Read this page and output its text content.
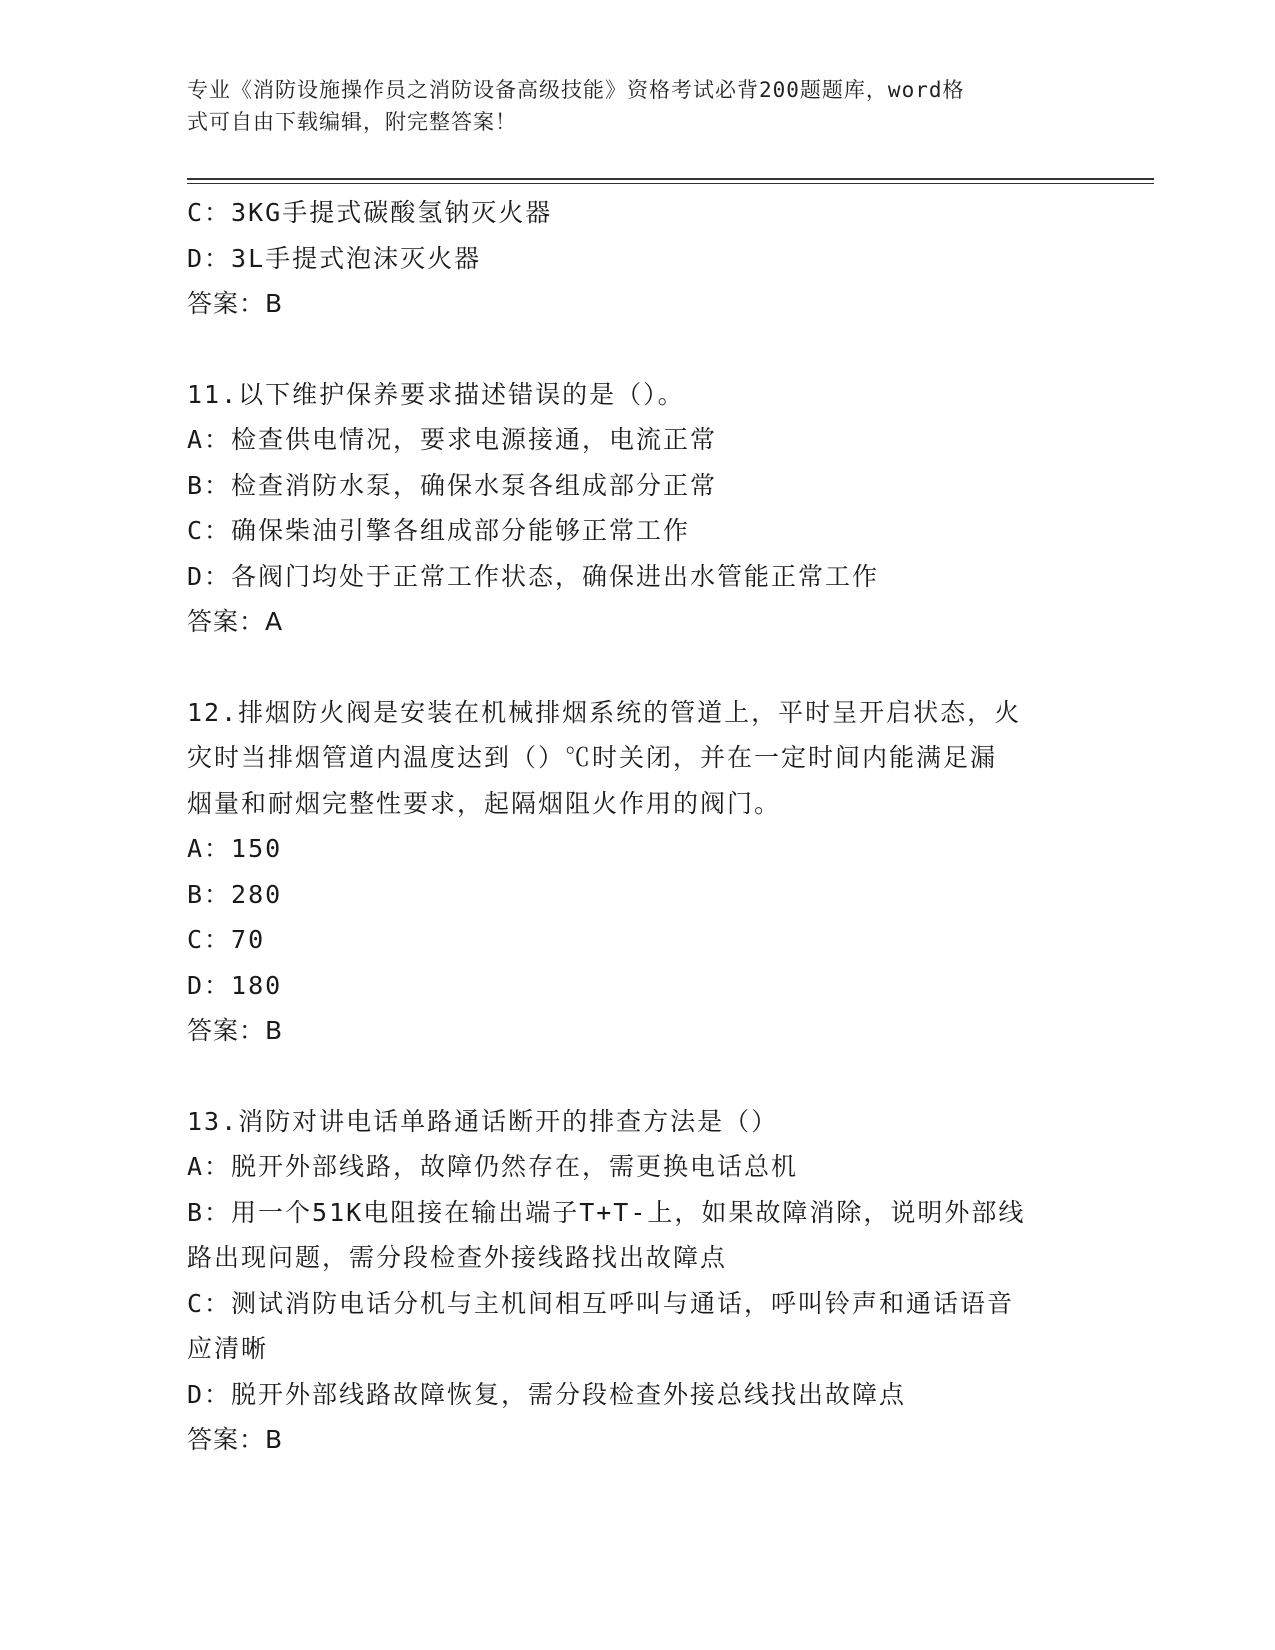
专业《消防设施操作员之消防设备高级技能》资格考试必背200题题库，word格
式可自由下载编辑，附完整答案！
C：3KG手提式碳酸氢钠灭火器
D：3L手提式泡沫灭火器
答案：B
11.以下维护保养要求描述错误的是（）。
A：检查供电情况，要求电源接通，电流正常
B：检查消防水泵，确保水泵各组成部分正常
C：确保柴油引擎各组成部分能够正常工作
D：各阀门均处于正常工作状态，确保进出水管能正常工作
答案：A
12.排烟防火阀是安装在机械排烟系统的管道上，平时呈开启状态，火
灾时当排烟管道内温度达到（）℃时关闭，并在一定时间内能满足漏
烟量和耐烟完整性要求，起隔烟阻火作用的阀门。
A：150
B：280
C：70
D：180
答案：B
13.消防对讲电话单路通话断开的排查方法是（）
A：脱开外部线路，故障仍然存在，需更换电话总机
B：用一个51K电阻接在输出端子T+T-上，如果故障消除，说明外部线
路出现问题，需分段检查外接线路找出故障点
C：测试消防电话分机与主机间相互呼叫与通话，呼叫铃声和通话语音
应清晰
D：脱开外部线路故障恢复，需分段检查外接总线找出故障点
答案：B
